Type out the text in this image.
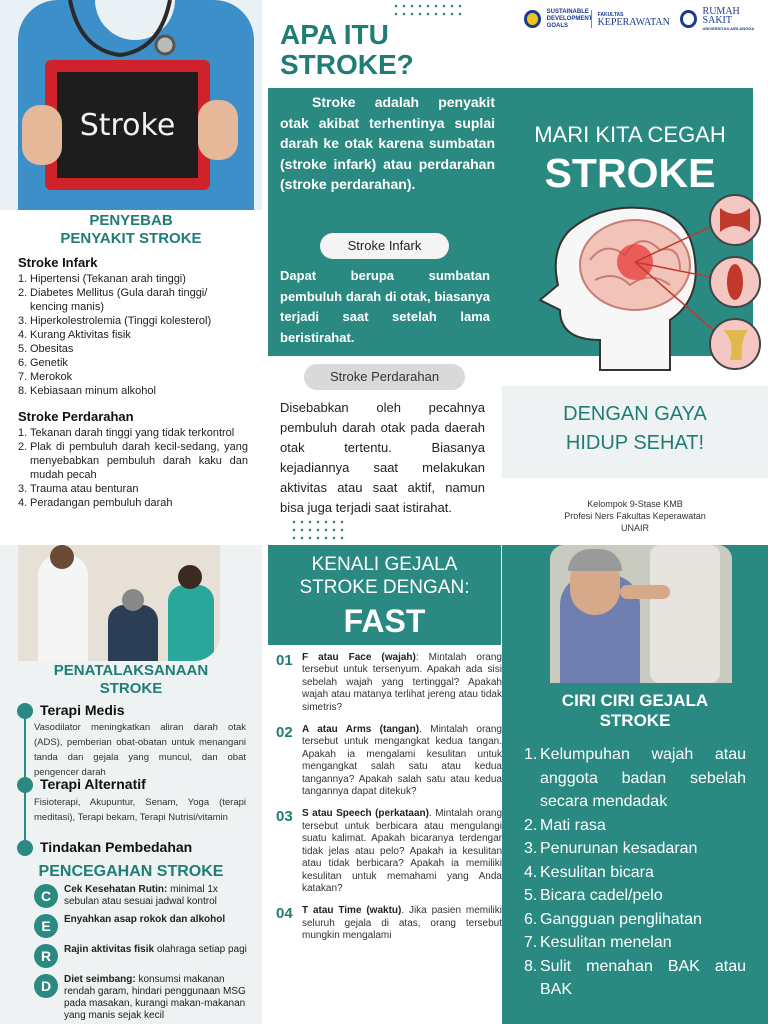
Stroke
PENYEBAB
PENYAKIT STROKE
Stroke Infark
1. Hipertensi (Tekanan arah tinggi)
2. Diabetes Mellitus (Gula darah tinggi/ kencing manis)
3. Hiperkolestrolemia (Tinggi kolesterol)
4. Kurang Aktivitas fisik
5. Obesitas
6. Genetik
7. Merokok
8. Kebiasaan minum alkohol
Stroke Perdarahan
1. Tekanan darah tinggi yang tidak terkontrol
2. Plak di pembuluh darah kecil-sedang, yang menyebabkan pembuluh darah kaku dan mudah pecah
3. Trauma atau benturan
4. Peradangan pembuluh darah
APA ITU
STROKE?
Stroke adalah penyakit otak akibat terhentinya suplai darah ke otak karena sumbatan (stroke infark) atau perdarahan (stroke perdarahan).
Stroke Infark
Dapat berupa sumbatan pembuluh darah di otak, biasanya terjadi saat setelah lama beristirahat.
Stroke Perdarahan
Disebabkan oleh pecahnya pembuluh darah otak pada daerah otak tertentu. Biasanya kejadiannya saat melakukan aktivitas atau saat aktif, namun bisa juga terjadi saat istirahat.
SUSTAINABLE DEVELOPMENT GOALS
FAKULTAS
KEPERAWATAN
RUMAH SAKIT
UNIVERSITAS AIRLANGGA
MARI KITA CEGAH
STROKE
DENGAN GAYA
HIDUP SEHAT!
Kelompok 9-Stase KMB
Profesi Ners Fakultas Keperawatan
UNAIR
PENATALAKSANAAN
STROKE
Terapi Medis
Vasodilator meningkatkan aliran darah otak (ADS), pemberian obat-obatan untuk menangani tanda dan gejala yang muncul, dan obat pengencer darah
Terapi Alternatif
Fisioterapi, Akupuntur, Senam, Yoga (terapi meditasi), Terapi bekam, Terapi Nutrisi/vitamin
Tindakan Pembedahan
PENCEGAHAN STROKE
C	Cek Kesehatan Rutin: minimal 1x sebulan atau sesuai jadwal kontrol
E	Enyahkan asap rokok dan alkohol
R	Rajin aktivitas fisik olahraga setiap pagi
D	Diet seimbang: konsumsi makanan rendah garam, hindari penggunaan MSG pada masakan, kurangi makan-makanan yang manis sejak kecil
KENALI GEJALA
STROKE DENGAN:
FAST
01 F atau Face (wajah): Mintalah orang tersebut untuk tersenyum. Apakah ada sisi sebelah wajah yang tertinggal? Apakah wajah atau matanya terlihat jereng atau tidak simetris?
02 A atau Arms (tangan). Mintalah orang tersebut untuk mengangkat kedua tangan. Apakah ia mengalami kesulitan untuk mengangkat salah satu atau kedua tangannya? Apakah salah satu atau kedua tangannya dapat ditekuk?
03 S atau Speech (perkataan). Mintalah orang tersebut untuk berbicara atau mengulangi suatu kalimat. Apakah bicaranya terdengar tidak jelas atau pelo? Apakah ia kesulitan atau tidak berbicara? Apakah ia memiliki kesulitan untuk memahami yang Anda katakan?
04 T atau Time (waktu). Jika pasien memiliki seluruh gejala di atas, orang tersebut mungkin mengalami
CIRI CIRI GEJALA
STROKE
1. Kelumpuhan wajah atau anggota badan sebelah secara mendadak
2. Mati rasa
3. Penurunan kesadaran
4. Kesulitan bicara
5. Bicara cadel/pelo
6. Gangguan penglihatan
7. Kesulitan menelan
8. Sulit menahan BAK atau BAK
